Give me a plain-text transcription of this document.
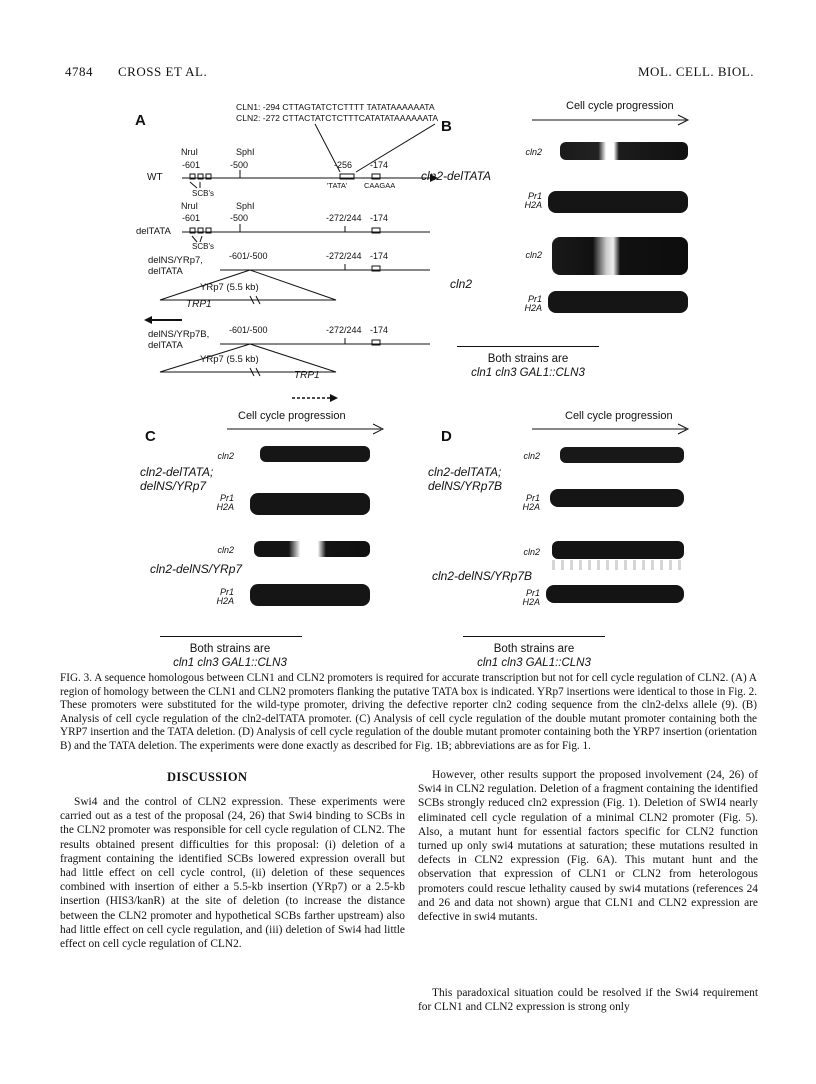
4784 CROSS ET AL.	MOL. CELL. BIOL.
A
CLN1: -294 CTTAGTATCTCTTTT TATATAAAAAATA
CLN2: -272 CTTACTATCTCTTTCATATATAAAAAATA
NruI	SphI
-601	-500	-256 -174
WT
'TATA' CAAGAA
SCB's
NruI	SphI
-601	-500	-272/244 -174
delTATA
SCB's
delNS/YRp7,	-601/-500	-272/244 -174
delTATA
YRp7 (5.5 kb)
TRP1
delNS/YRp7B, -601/-500	-272/244 -174
delTATA
YRp7 (5.5 kb)
TRP1
B
Cell cycle progression
cln2
cln2-delTATA
Pr1
H2A
cln2
cln2
Pr1
H2A
Both strains are
cln1 cln3 GAL1::CLN3
C
Cell cycle progression
cln2
cln2-delTATA;
delNS/YRp7
Pr1
H2A
cln2
cln2-delNS/YRp7
Pr1
H2A
Both strains are
cln1 cln3 GAL1::CLN3
D
Cell cycle progression
cln2
cln2-delTATA;
delNS/YRp7B
Pr1
H2A
cln2
cln2-delNS/YRp7B
Pr1
H2A
Both strains are
cln1 cln3 GAL1::CLN3
FIG. 3. A sequence homologous between CLN1 and CLN2 promoters is required for accurate transcription but not for cell cycle regulation of CLN2. (A) A region of homology between the CLN1 and CLN2 promoters flanking the putative TATA box is indicated. YRp7 insertions were identical to those in Fig. 2. These promoters were substituted for the wild-type promoter, driving the defective reporter cln2 coding sequence from the cln2-delxs allele (9). (B) Analysis of cell cycle regulation of the cln2-delTATA promoter. (C) Analysis of cell cycle regulation of the double mutant promoter containing both the YRP7 insertion and the TATA deletion. (D) Analysis of cell cycle regulation of the double mutant promoter containing both the YRP7 insertion (orientation B) and the TATA deletion. The experiments were done exactly as described for Fig. 1B; abbreviations are as for Fig. 1.
DISCUSSION
Swi4 and the control of CLN2 expression. These experiments were carried out as a test of the proposal (24, 26) that Swi4 binding to SCBs in the CLN2 promoter was responsible for cell cycle regulation of CLN2. The results obtained present difficulties for this proposal: (i) deletion of a fragment containing the identified SCBs lowered expression overall but had little effect on cell cycle control, (ii) deletion of these sequences combined with insertion of either a 5.5-kb insertion (YRp7) or a 2.5-kb insertion (HIS3/kanR) at the site of deletion (to increase the distance between the CLN2 promoter and hypothetical SCBs farther upstream) also had little effect on cell cycle regulation, and (iii) deletion of Swi4 had little effect on cell cycle regulation of CLN2.
However, other results support the proposed involvement (24, 26) of Swi4 in CLN2 regulation. Deletion of a fragment containing the identified SCBs strongly reduced cln2 expression (Fig. 1). Deletion of SWI4 nearly eliminated cell cycle regulation of a minimal CLN2 promoter (Fig. 5). Also, a mutant hunt for essential factors specific for CLN2 function turned up only swi4 mutations at saturation; these mutations resulted in defects in CLN2 expression (Fig. 6A). This mutant hunt and the observation that expression of CLN1 or CLN2 from heterologous promoters could rescue lethality caused by swi4 mutations (references 24 and 26 and data not shown) argue that CLN1 and CLN2 expression are defective in swi4 mutants.
This paradoxical situation could be resolved if the Swi4 requirement for CLN1 and CLN2 expression is strong only
